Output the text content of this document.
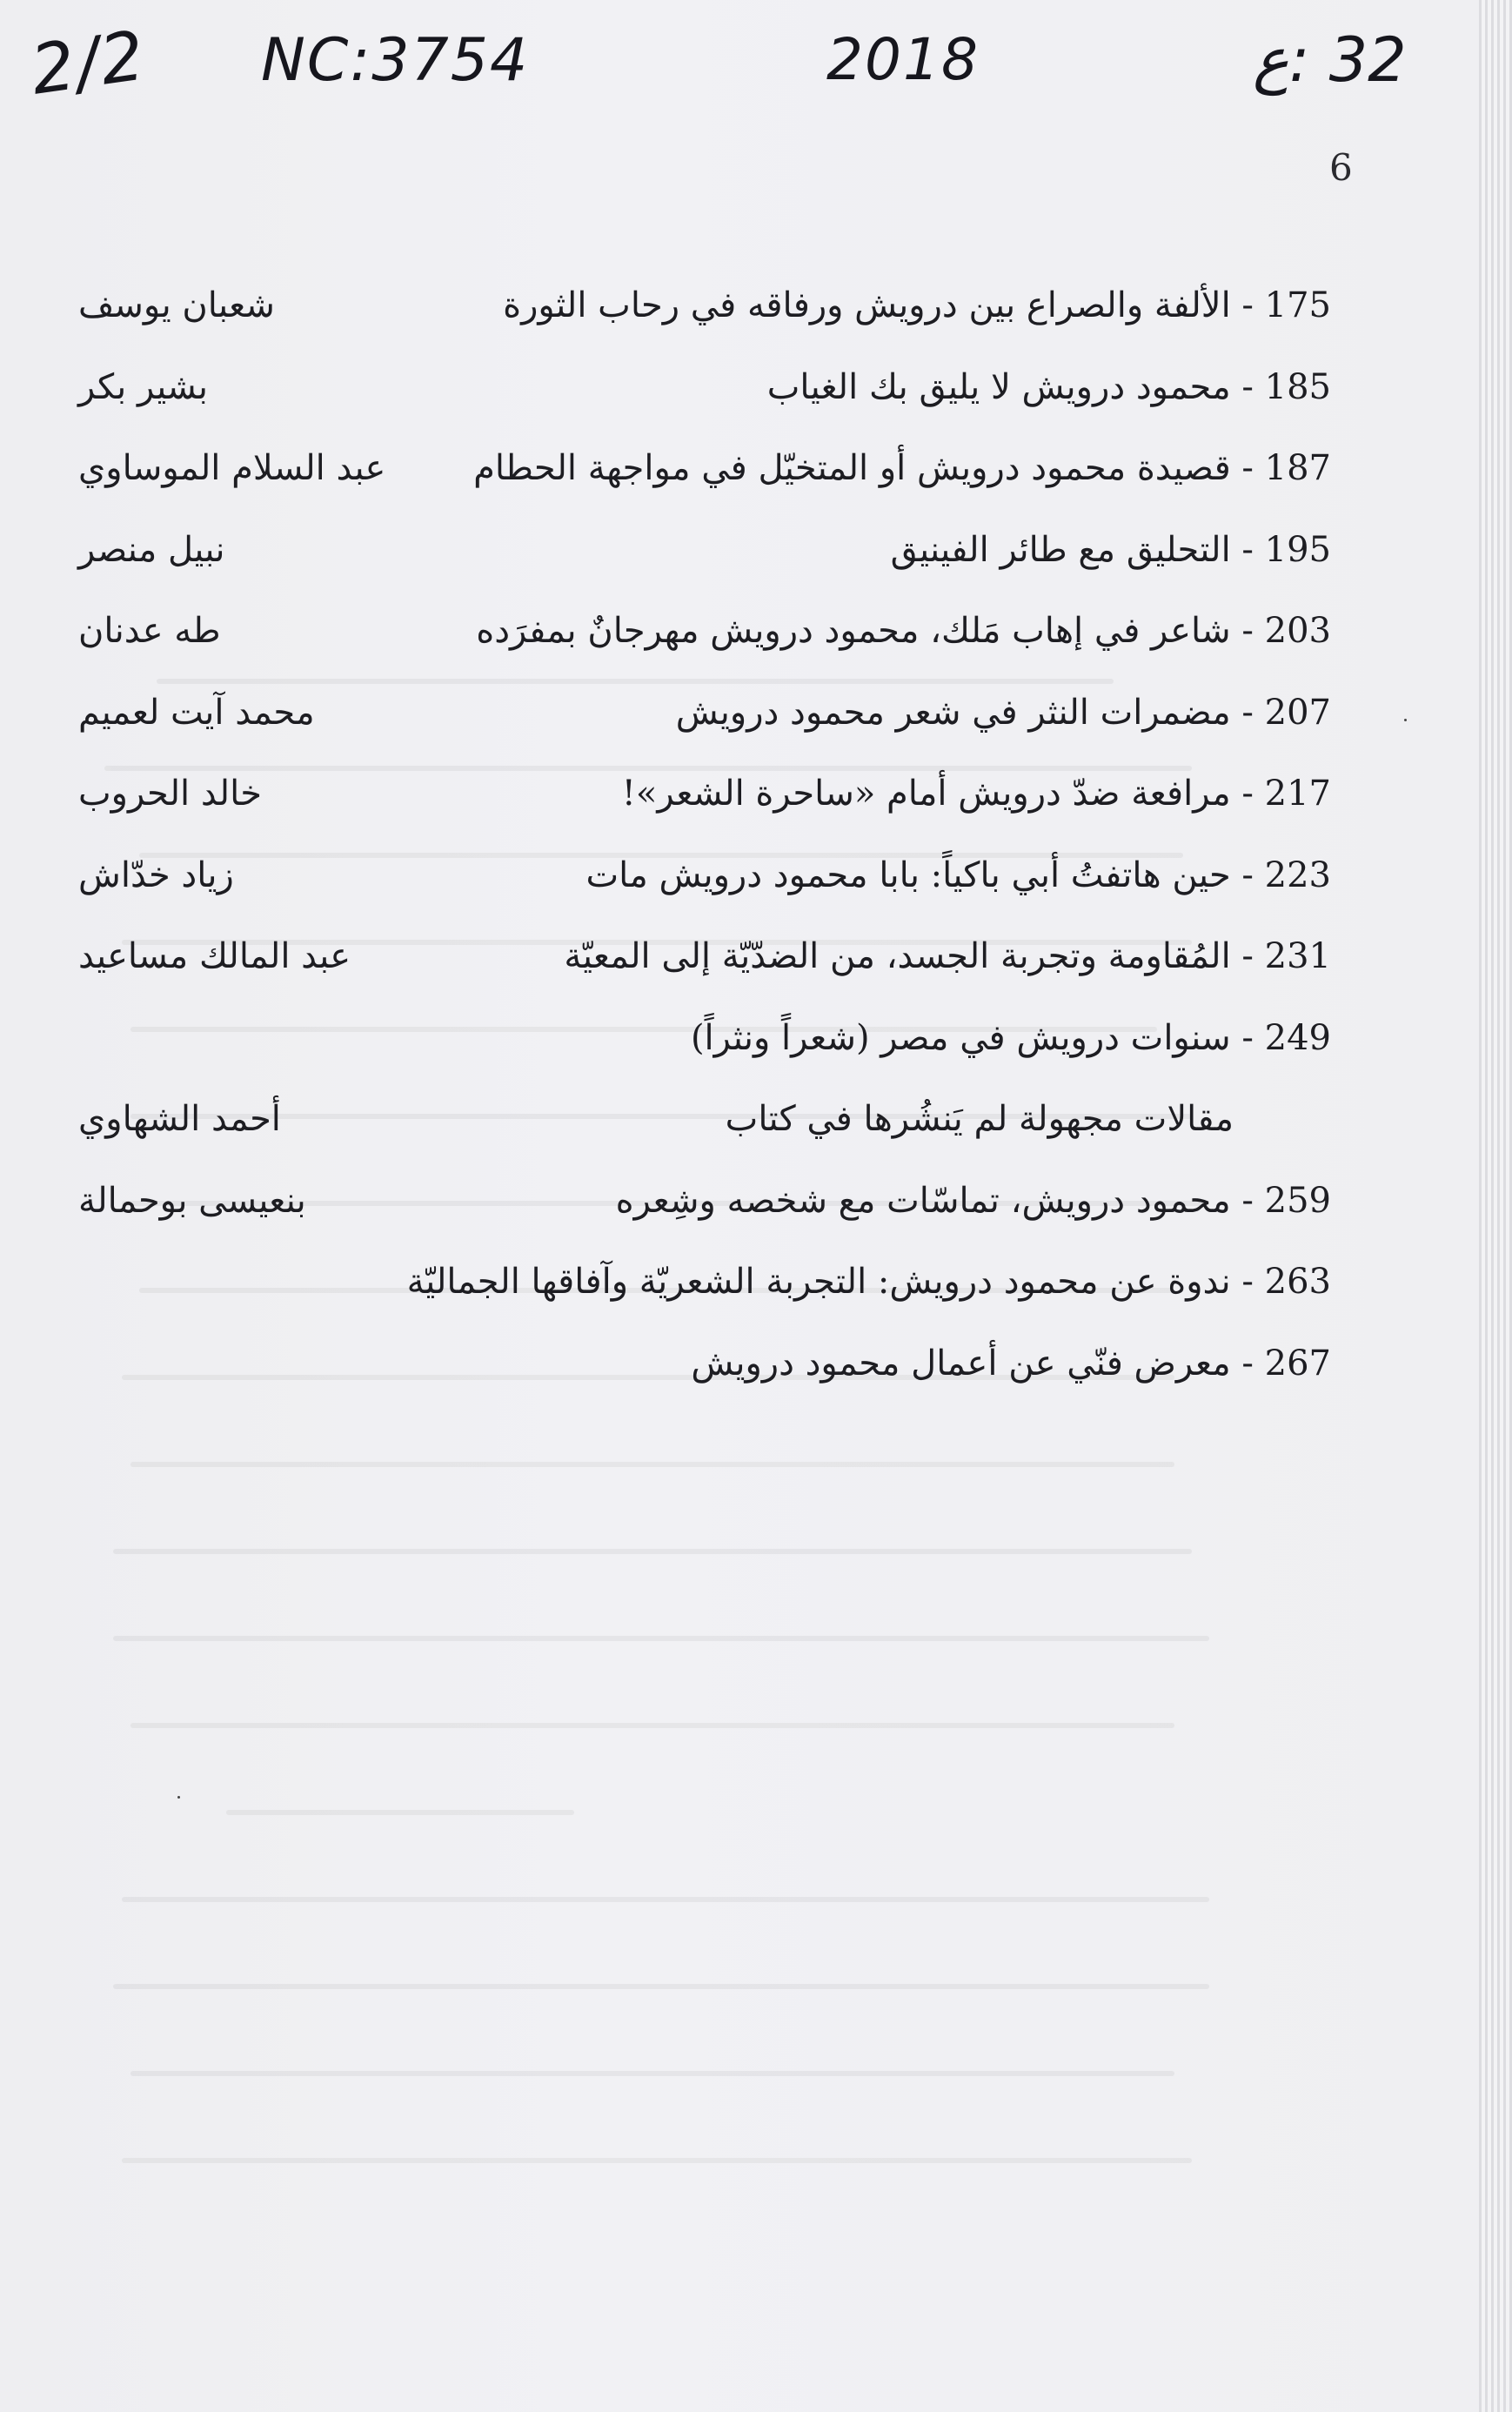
2/2 NC:3754	2018	32 :ع
6
175 - الألفة والصراع بين درويش ورفاقه في رحاب الثورة
شعبان يوسف
185 - محمود درويش لا يليق بك الغياب
بشير بكر
187 - قصيدة محمود درويش أو المتخيّل في مواجهة الحطام
عبد السلام الموساوي
195 - التحليق مع طائر الفينيق
نبيل منصر
203 - شاعر في إهاب مَلك، محمود درويش مهرجانٌ بمفرَده
طه عدنان
207 - مضمرات النثر في شعر محمود درويش
محمد آيت لعميم
217 - مرافعة ضدّ درويش أمام «ساحرة الشعر»!
خالد الحروب
223 - حين هاتفتُ أبي باكياً: بابا محمود درويش مات
زياد خدّاش
231 - المُقاومة وتجربة الجسد، من الضدّيّة إلى المعيّة
عبد المالك مساعيد
249 - سنوات درويش في مصر (شعراً ونثراً)
مقالات مجهولة لم يَنشُرها في كتاب
أحمد الشهاوي
259 - محمود درويش، تماسّات مع شخصه وشِعره
بنعيسى بوحمالة
263 - ندوة عن محمود درويش: التجربة الشعريّة وآفاقها الجماليّة
267 - معرض فنّي عن أعمال محمود درويش
